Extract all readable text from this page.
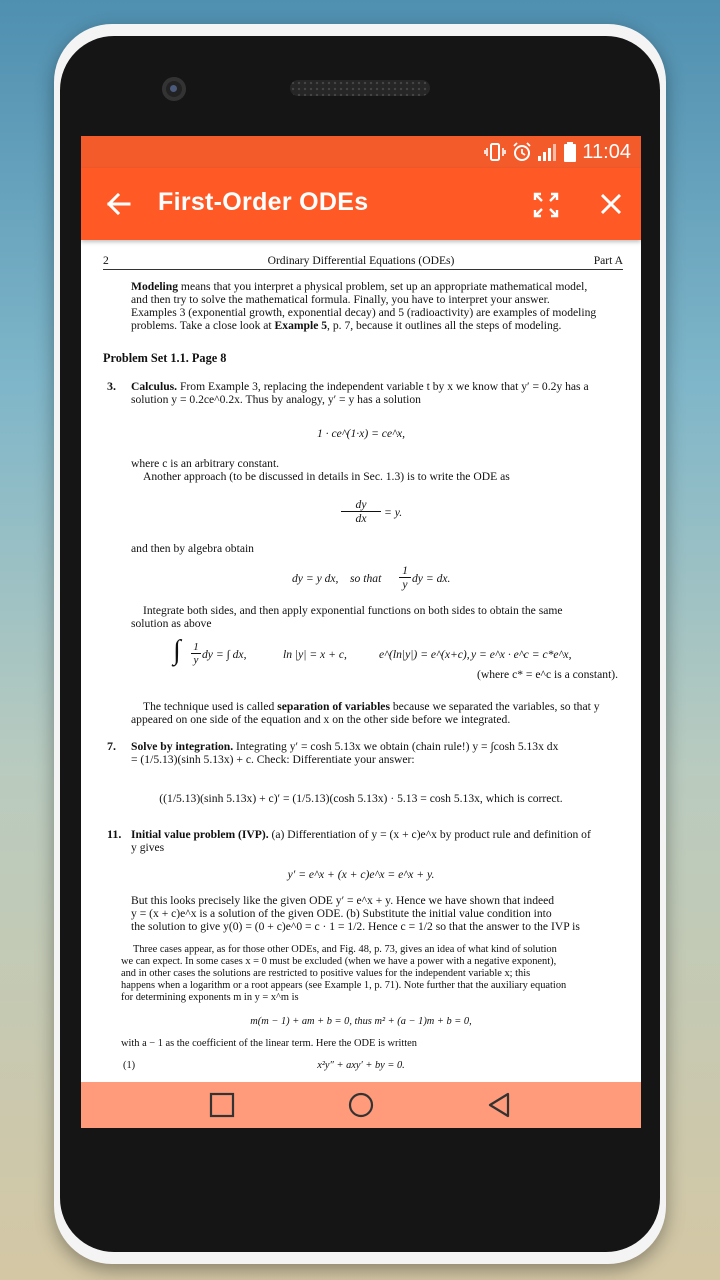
11:04
First-Order ODEs

2	Ordinary Differential Equations (ODEs)	Part A

Modeling means that you interpret a physical problem, set up an appropriate mathematical model,

and then try to solve the mathematical formula. Finally, you have to interpret your answer.

Examples 3 (exponential growth, exponential decay) and 5 (radioactivity) are examples of modeling

problems. Take a close look at Example 5, p. 7, because it outlines all the steps of modeling.

Problem Set 1.1. Page 8

3. Calculus. From Example 3, replacing the independent variable t by x we know that y′ = 0.2y has a

solution y = 0.2ce^0.2x. Thus by analogy, y′ = y has a solution

1 · ce^(1·x) = ce^x,

where c is an arbitrary constant.

Another approach (to be discussed in details in Sec. 1.3) is to write the ODE as

dy
dx	= y.

and then by algebra obtain

dy = y dx,    so that

1
y dy = dx.

Integrate both sides, and then apply exponential functions on both sides to obtain the same

solution as above

∫ 1
y dy = ∫ dx,	ln |y| = x + c,	e^(ln|y|) = e^(x+c), y = e^x · e^c = c*e^x,

(where c* = e^c is a constant).

The technique used is called separation of variables because we separated the variables, so that y

appeared on one side of the equation and x on the other side before we integrated.

7. Solve by integration. Integrating y′ = cosh 5.13x we obtain (chain rule!) y = ∫cosh 5.13x dx

= (1/5.13)(sinh 5.13x) + c. Check: Differentiate your answer:

((1/5.13)(sinh 5.13x) + c)′ = (1/5.13)(cosh 5.13x) · 5.13 = cosh 5.13x, which is correct.

11. Initial value problem (IVP). (a) Differentiation of y = (x + c)e^x by product rule and definition of

y gives

y′ = e^x + (x + c)e^x = e^x + y.

But this looks precisely like the given ODE y′ = e^x + y. Hence we have shown that indeed

y = (x + c)e^x is a solution of the given ODE. (b) Substitute the initial value condition into

the solution to give y(0) = (0 + c)e^0 = c · 1 = 1/2. Hence c = 1/2 so that the answer to the IVP is

Three cases appear, as for those other ODEs, and Fig. 48, p. 73, gives an idea of what kind of solution

we can expect. In some cases x = 0 must be excluded (when we have a power with a negative exponent),

and in other cases the solutions are restricted to positive values for the independent variable x; this

happens when a logarithm or a root appears (see Example 1, p. 71). Note further that the auxiliary equation

for determining exponents m in y = x^m is

m(m − 1) + am + b = 0, thus m² + (a − 1)m + b = 0,

with a − 1 as the coefficient of the linear term. Here the ODE is written

(1)	x²y″ + axy′ + by = 0.
